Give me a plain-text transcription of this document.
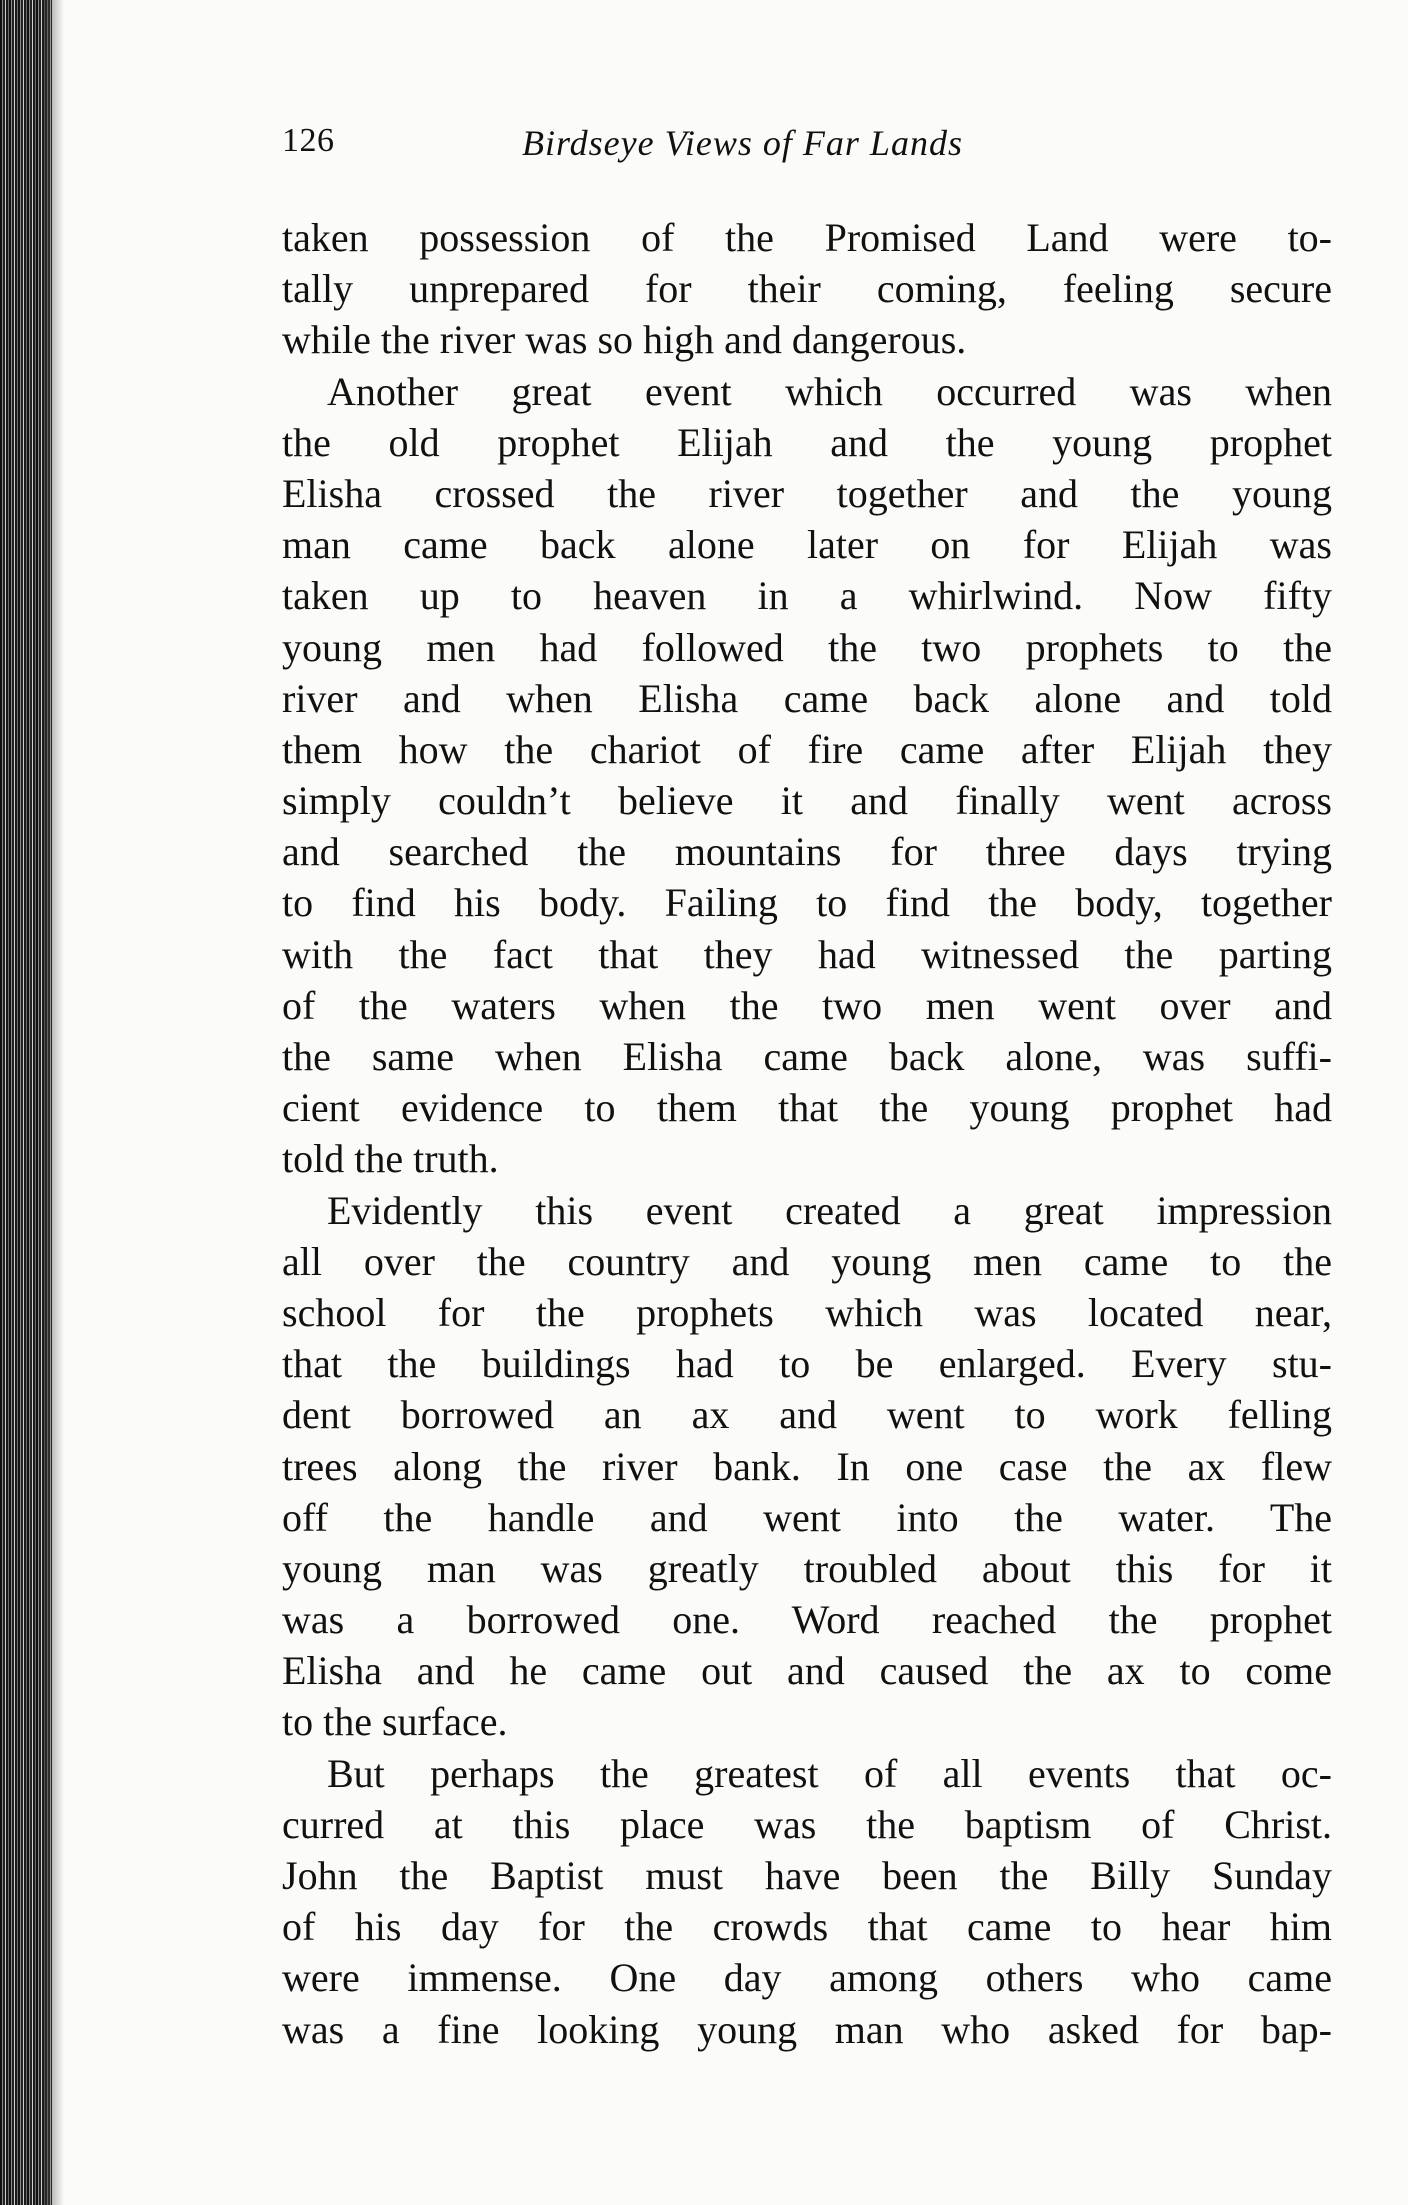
126	Birdseye Views of Far Lands
taken possession of the Promised Land were to-
tally unprepared for their coming, feeling secure
while the river was so high and dangerous.
Another great event which occurred was when
the old prophet Elijah and the young prophet
Elisha crossed the river together and the young
man came back alone later on for Elijah was
taken up to heaven in a whirlwind. Now fifty
young men had followed the two prophets to the
river and when Elisha came back alone and told
them how the chariot of fire came after Elijah they
simply couldn’t believe it and finally went across
and searched the mountains for three days trying
to find his body. Failing to find the body, together
with the fact that they had witnessed the parting
of the waters when the two men went over and
the same when Elisha came back alone, was suffi-
cient evidence to them that the young prophet had
told the truth.
Evidently this event created a great impression
all over the country and young men came to the
school for the prophets which was located near,
that the buildings had to be enlarged. Every stu-
dent borrowed an ax and went to work felling
trees along the river bank. In one case the ax flew
off the handle and went into the water. The
young man was greatly troubled about this for it
was a borrowed one. Word reached the prophet
Elisha and he came out and caused the ax to come
to the surface.
But perhaps the greatest of all events that oc-
curred at this place was the baptism of Christ.
John the Baptist must have been the Billy Sunday
of his day for the crowds that came to hear him
were immense. One day among others who came
was a fine looking young man who asked for bap-
